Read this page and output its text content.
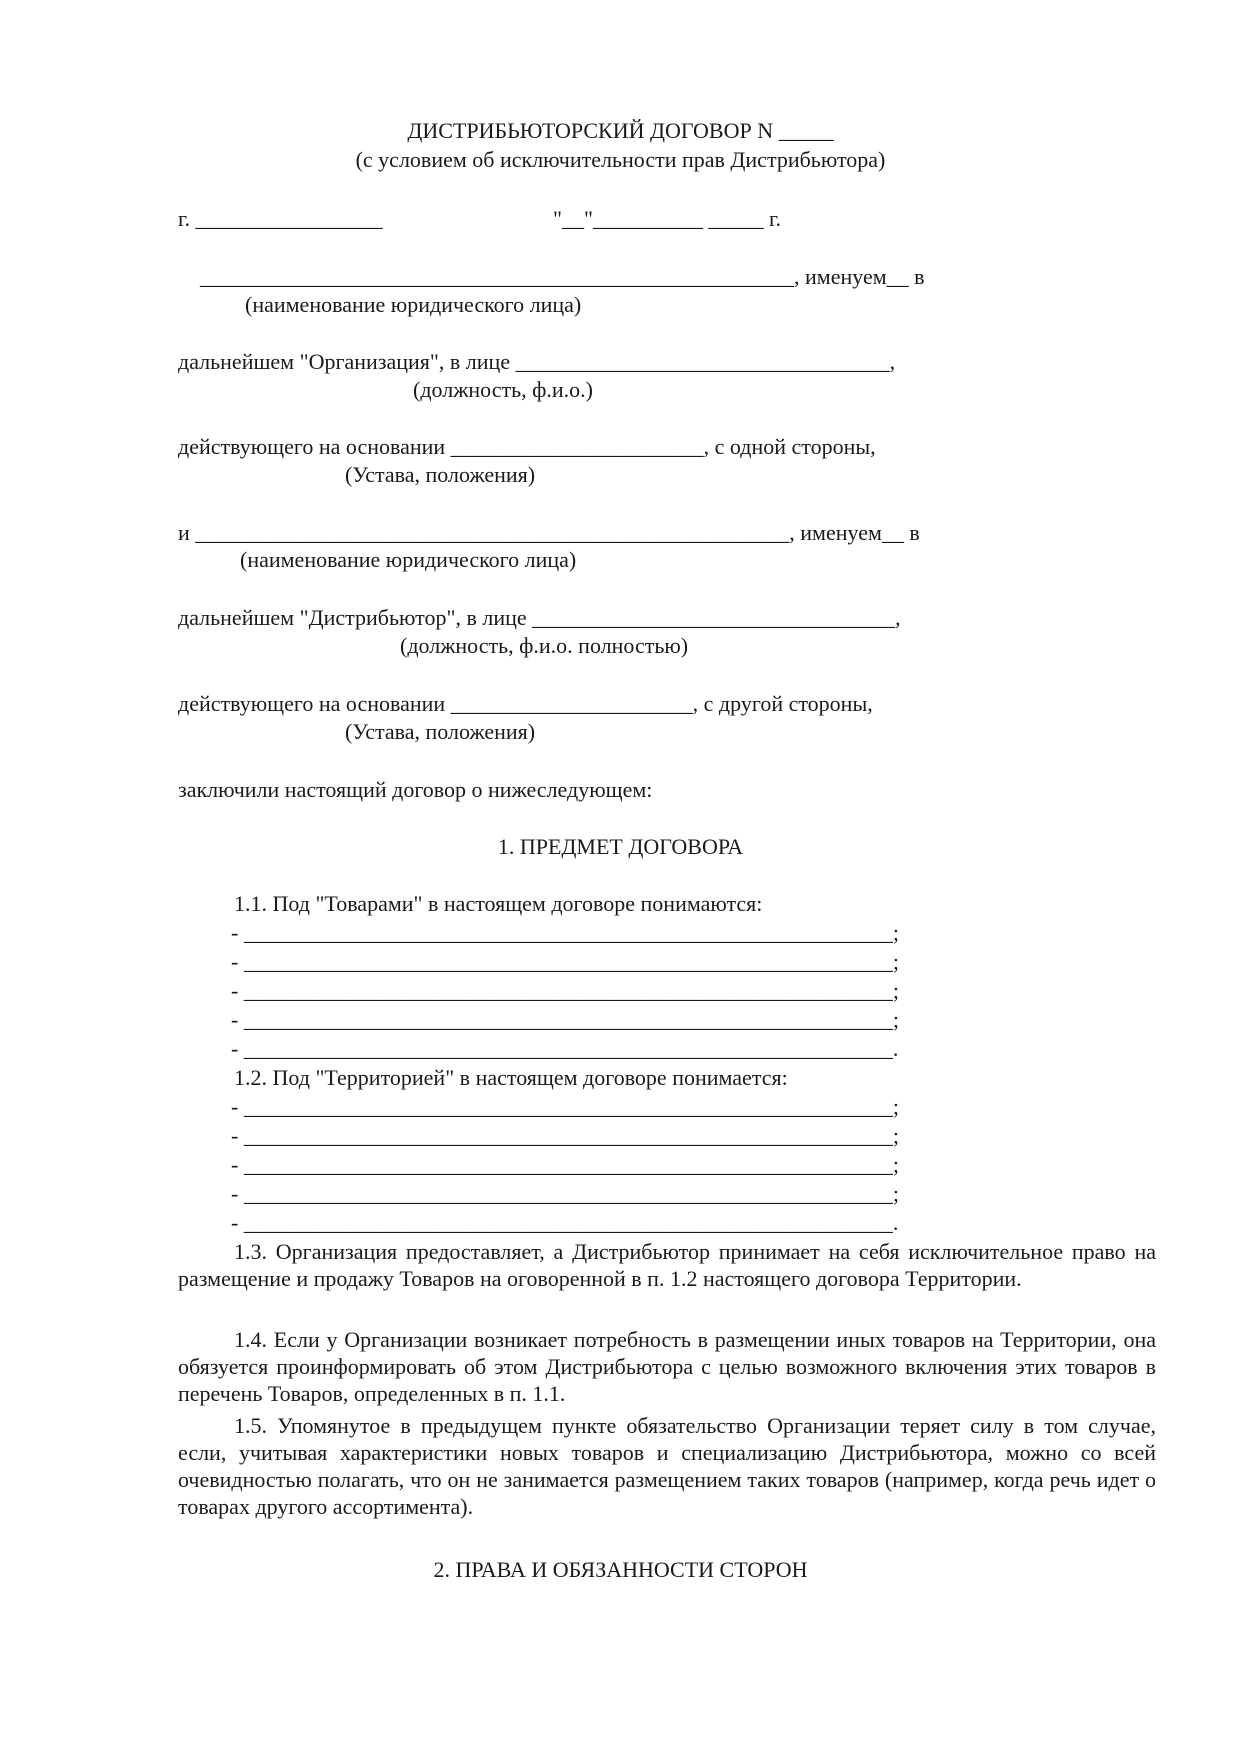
ДИСТРИБЬЮТОРСКИЙ ДОГОВОР N _____
(с условием об исключительности прав Дистрибьютора)
г. _________________	"__"__________ _____ г.
______________________________________________________, именуем__ в
(наименование юридического лица)
дальнейшем "Организация", в лице __________________________________,
(должность, ф.и.о.)
действующего на основании _______________________, с одной стороны,
(Устава, положения)
и ______________________________________________________, именуем__ в
(наименование юридического лица)
дальнейшем "Дистрибьютор", в лице _________________________________,
(должность, ф.и.о. полностью)
действующего на основании ______________________, с другой стороны,
(Устава, положения)
заключили настоящий договор о нижеследующем:
1. ПРЕДМЕТ ДОГОВОРА
1.1. Под "Товарами" в настоящем договоре понимаются:
- ___________________________________________________________;
- ___________________________________________________________;
- ___________________________________________________________;
- ___________________________________________________________;
- ___________________________________________________________.
1.2. Под "Территорией" в настоящем договоре понимается:
- ___________________________________________________________;
- ___________________________________________________________;
- ___________________________________________________________;
- ___________________________________________________________;
- ___________________________________________________________.
1.3. Организация предоставляет, а Дистрибьютор принимает на себя исключительное право на размещение и продажу Товаров на оговоренной в п. 1.2 настоящего договора Территории.
1.4. Если у Организации возникает потребность в размещении иных товаров на Территории, она обязуется проинформировать об этом Дистрибьютора с целью возможного включения этих товаров в перечень Товаров, определенных в п. 1.1.
1.5. Упомянутое в предыдущем пункте обязательство Организации теряет силу в том случае, если, учитывая характеристики новых товаров и специализацию Дистрибьютора, можно со всей очевидностью полагать, что он не занимается размещением таких товаров (например, когда речь идет о товарах другого ассортимента).
2. ПРАВА И ОБЯЗАННОСТИ СТОРОН
